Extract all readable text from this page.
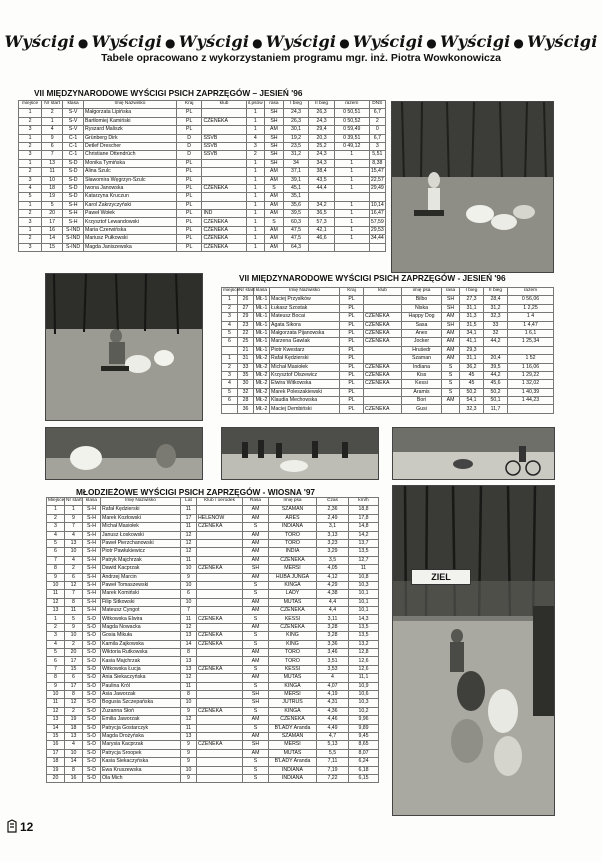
Wyścigi ● Wyścigi ● Wyścigi ● Wyścigi ● Wyścigi ● Wyścigi ● Wyścigi
Tabele opracowano z wykorzystaniem programu mgr. inż. Piotra Wowkonowicza
VII MIĘDZYNARODOWE WYŚCIGI PSICH ZAPRZĘGÓW – JESIEŃ '96
miejsce	Nr start	klasa	Imię Nazwisko	Kraj	klub	il.psów	rasa	I bieg	II bieg	razem	DNS
1	2	S-V	Małgorzata Lipińska	PL		1	SH	24,3	26,3	0 50,51	6,7
2	1	S-V	Bartłomiej Kamiński	PL	CZENEKA	1	SH	26,3	24,3	0 50,52	2
3	4	S-V	Ryszard Maliszk	PL		1	AM	30,1	29,4	0 59,49	0
1	9	C-1	Grünberg Dirk	D	SSVB	4	SH	19,2	20,3	0 39,51	6,7
2	6	C-1	Detlef Drescher	D	SSVB	3	SH	23,5	25,2	0 49,12	3
3	7	C-1	Christiane Ottendrüch	D	SSVB	2	SH	31,2	24,3	1	5,51
1	13	S-D	Monika Tymińska	PL		1	SH	34	34,3	1	8,38
2	11	S-D	Alina Szulc	PL		1	AM	37,1	38,4	1	15,47
3	10	S-D	Sławomira Węgrzyn-Szulc	PL		1	AM	39,1	43,5	1	22,57
4	18	S-D	Iwona Janowska	PL	CZENEKA	1	S	45,1	44,4	1	29,49
5	19	S-D	Katarzyna Kruczun	PL		1	AM	35,1			
1	5	S-H	Karol Zakrzyczyński	PL		1	AM	35,6	34,2	1	10,14
2	20	S-H	Paweł Wołek	PL	IND	1	AM	39,5	36,5	1	16,47
3	17	S-H	Krzysztof Lewandowski	PL	CZENEKA	1	S	60,3	57,3	1	57,59
1	16	S-IND	Maria Czerwińska	PL	CZENEKA	1	AM	47,5	42,1	1	29,53
2	14	S-IND	Mariusz Pułkowski	PL	CZENEKA	1	AM	47,5	46,6	1	34,44
3	15	S-IND	Magda Janiszewska	PL	CZENEKA	1	AM	64,3			
VII MIĘDZYNARODOWE WYŚCIGI PSICH ZAPRZĘGÓW - JESIEŃ '96
miejsce	Nr start	klasa	Imię Nazwisko	Kraj	klub	imię psa	rasa	I bieg	II bieg	razem
1	26	MŁ-1	Maciej Przysłków	PL		Bilbo	SH	27,3	28,4	0 56,06
2	27	MŁ-1	Łukasz Szostak	PL		Niska	SH	31,1	31,2	1 2,25
3	29	MŁ-1	Mateusz Bocai	PL	CZENEKA	Happy Dog	AM	31,3	32,3	1 4
4	23	MŁ-1	Agata Sikora	PL	CZENEKA	Sasa	SH	31,5	33	1 4,47
5	22	MŁ-1	Małgorzata Pijanowska	PL	CZENEKA	Anex	AM	34,1	32	1 6,1
6	25	MŁ-1	Marzena Gawlak	PL	CZENEKA	Jocker	AM	41,1	44,2	1 25,34
	21	MŁ-1	Piotr Kwestarz	PL		Hruśedr	AM	29,3		
1	31	MŁ-2	Rafał Kędzierski	PL		Szaman	AM	31,1	20,4	1 52
2	33	MŁ-2	Michał Masiołek	PL	CZENEKA	Indiana	S	36,2	39,5	1 16,06
3	35	MŁ-2	Krzysztof Olszewicz	PL	CZENEKA	Kiss	S	45	44,2	1 29,22
4	30	MŁ-2	Elwira Witkowska	PL	CZENEKA	Kessi	S	45	45,6	1 32,02
5	32	MŁ-2	Marek Poleszakiewski	PL		Aramis	S	50,2	50,2	1 40,39
6	28	MŁ-2	Klaudia Mechowska	PL		Bori	AM	54,1	50,1	1 44,23
	36	MŁ-2	Maciej Dembiński	PL	CZENEKA	Gusi		32,3	11,7	
MŁODZIEŻOWE WYŚCIGI PSICH ZAPRZĘGÓW - WIOSNA '97
Miejsce	Nr start	klasa	Imię Nazwisko	Lat	Klub / oerodek	Rasa	Imię psa	Czas	km/h
1	1	S-H	Rafał Kędzierski	11		AM	SZAMAN	2,36	18,8
2	9	S-H	Marek Kozłowski	17	HELENÓW	AM	ARES	2,49	17,8
3	7	S-H	Michał Masiołek	11	CZENEKA	S	INDIANA	3,1	14,8
4	4	S-H	Janusz Łoskowski	12		AM	TORO	3,13	14,2
5	13	S-H	Paweł Pierzchanowski	12		AM	TORO	3,23	13,7
6	10	S-H	Piotr Pawłukiewicz	12		AM	INDIA	3,29	13,5
7	4	S-H	Patryk Majchrzak	11		AM	CZENEKA	3,5	12,7
8	2	S-H	Dawid Kacprzak	10	CZENEKA	SH	MERSI	4,05	11
9	6	S-H	Andrzej Marcin	9		AM	HUBA JUNGA	4,12	10,8
10	12	S-H	Paweł Tomaszewski	10		S	KINGA	4,29	10,3
11	7	S-H	Marek Komiński	6		S	LADY	4,38	10,1
12	8	S-H	Filip Sitkowski	10		AM	MUTAS	4,4	10,1
13	11	S-H	Mateusz Cyngot	7		AM	CZENEKA	4,4	10,1
1	5	S-D	Witkowska Elwira	11	CZENEKA	S	KESSI	3,11	14,3
2	9	S-D	Magda Nowacka	12		AM	CZENEKA	3,28	13,5
3	10	S-D	Gosia Mikuła	13	CZENEKA	S	KING	3,28	13,5
4	2	S-D	Kamila Zajkowska	14	CZENEKA	S	KING	3,36	13,2
5	20	S-D	Wiktoria Rutkowska	8		AM	TORO	3,46	12,8
6	17	S-D	Kasia Majchrzak	13		AM	TORO	3,51	12,6
7	15	S-D	Witkowska Łucja	13	CZENEKA	S	KESSI	3,53	12,6
8	6	S-D	Ania Siekaczyńska	12		AM	MUTAS	4	11,1
9	17	S-D	Paulina Król	11		S	KINGA	4,07	10,9
10	8	S-D	Asia Jaworzak	8		SH	MERSI	4,19	10,6
11	12	S-D	Bogusia Szczepańska	10		SH	JUTRUS	4,31	10,3
12	2	S-D	Zuzanna Słoń	9	CZENEKA	S	KINGA	4,36	10,2
13	19	S-D	Emilia Jaworzak	12		AM	CZENEKA	4,46	9,96
14	18	S-D	Patrycja Gostarczyk	11		S	B'LADY Aranda	4,49	9,89
15	13	S-D	Magda Drożyńska	13		AM	SZAMAN	4,7	9,45
16	4	S-D	Marysia Kacprzak	9	CZENEKA	SH	MERSI	5,13	8,65
17	10	S-D	Patrycja Sroopek	9		AM	MUTAS	5,5	8,07
18	14	S-D	Kasia Siekaczyńska	9		S	B'LADY Aranda	7,11	6,24
19	8	S-D	Ewa Kruszewska	10		S	INDIANA	7,19	6,18
20	16	S-D	Ola Mich	9		S	INDIANA	7,22	6,15
ZIEL
12
